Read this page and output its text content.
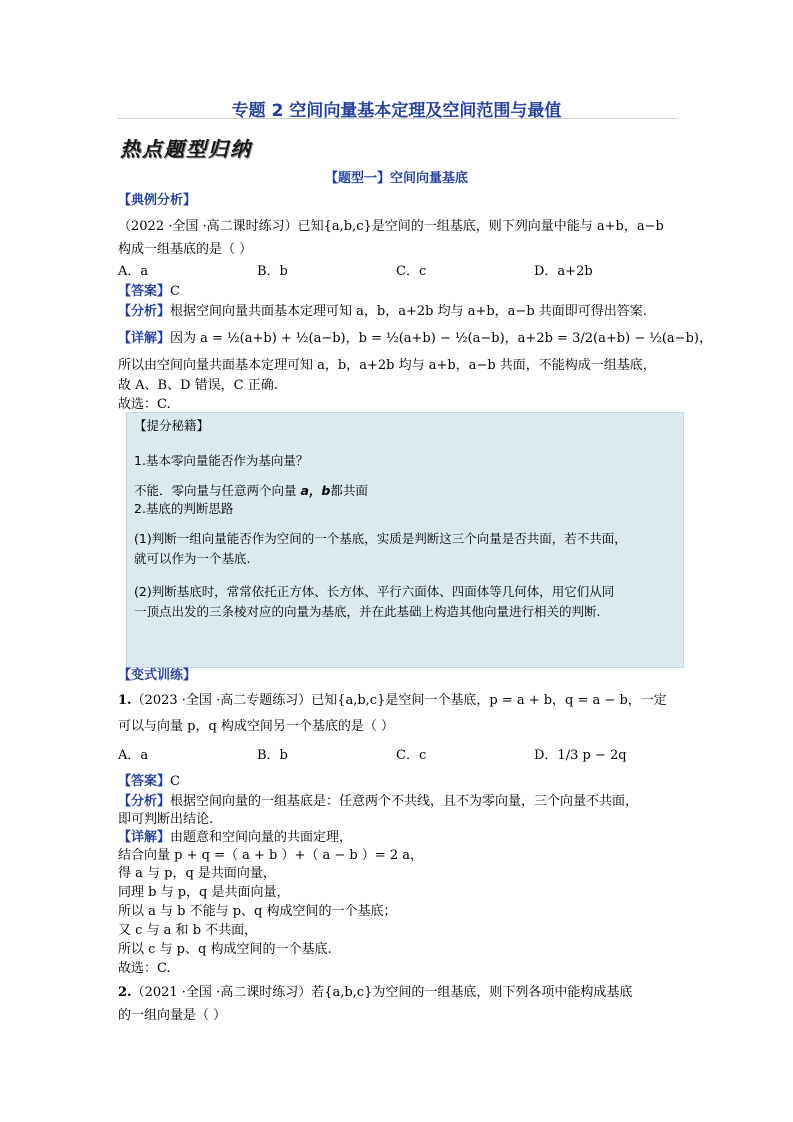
专题 2 空间向量基本定理及空间范围与最值
热点题型归纳
【题型一】空间向量基底
【典例分析】
（2022 ·全国 ·高二课时练习）已知{a,b,c}是空间的一组基底，则下列向量中能与 a+b，a−b
构成一组基底的是（ ）
A．a	B．b	C．c	D．a+2b
【答案】C
【分析】根据空间向量共面基本定理可知 a，b，a+2b 均与 a+b，a−b 共面即可得出答案.
【详解】因为 a = ½(a+b) + ½(a−b)，b = ½(a+b) − ½(a−b)，a+2b = 3/2(a+b) − ½(a−b)，
所以由空间向量共面基本定理可知 a，b，a+2b 均与 a+b，a−b 共面，不能构成一组基底，
故 A、B、D 错误，C 正确.
故选：C.
【提分秘籍】
1.基本零向量能否作为基向量？
不能．零向量与任意两个向量 a，b都共面
2.基底的判断思路
(1)判断一组向量能否作为空间的一个基底，实质是判断这三个向量是否共面，若不共面，
就可以作为一个基底.
(2)判断基底时，常常依托正方体、长方体、平行六面体、四面体等几何体，用它们从同
一顶点出发的三条棱对应的向量为基底，并在此基础上构造其他向量进行相关的判断.
【变式训练】
1.（2023 ·全国 ·高二专题练习）已知{a,b,c}是空间一个基底，p = a + b，q = a − b，一定
可以与向量 p，q 构成空间另一个基底的是（ ）
A．a	B．b	C．c	D．1/3 p − 2q
【答案】C
【分析】根据空间向量的一组基底是：任意两个不共线，且不为零向量，三个向量不共面，
即可判断出结论.
【详解】由题意和空间向量的共面定理，
结合向量 p + q =（ a + b ）+（ a − b ）= 2 a，
得 a 与 p，q 是共面向量，
同理 b 与 p，q 是共面向量，
所以 a 与 b 不能与 p、q 构成空间的一个基底；
又 c 与 a 和 b 不共面，
所以 c 与 p、q 构成空间的一个基底.
故选：C.
2.（2021 ·全国 ·高二课时练习）若{a,b,c}为空间的一组基底，则下列各项中能构成基底
的一组向量是（ ）
